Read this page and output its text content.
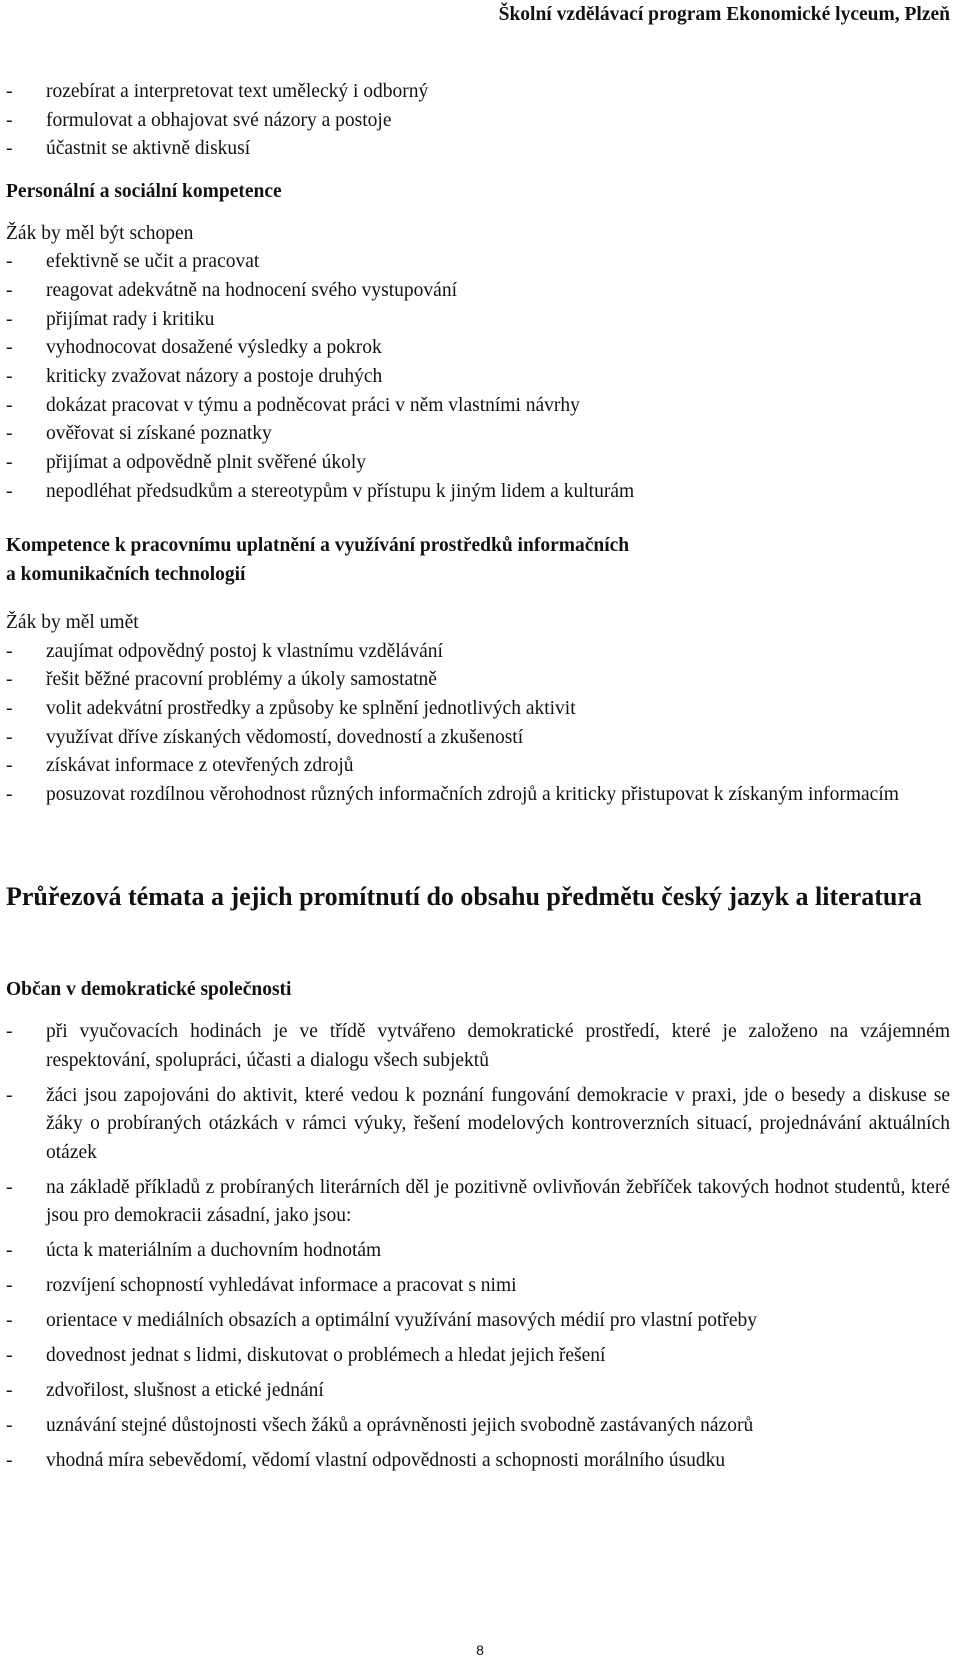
Školní vzdělávací program Ekonomické lyceum, Plzeň
- rozebírat a interpretovat text umělecký i odborný
- formulovat a obhajovat své názory a postoje
- účastnit se aktivně diskusí
Personální a sociální kompetence
Žák by měl být schopen
- efektivně se učit a pracovat
- reagovat adekvátně na hodnocení svého vystupování
- přijímat rady i kritiku
- vyhodnocovat dosažené výsledky a pokrok
- kriticky zvažovat názory a postoje druhých
- dokázat pracovat v týmu a podněcovat práci v něm vlastními návrhy
- ověřovat si získané poznatky
- přijímat a odpovědně plnit svěřené úkoly
- nepodléhat předsudkům a stereotypům v přístupu k jiným lidem a kulturám
Kompetence k pracovnímu uplatnění a využívání prostředků informačních
a komunikačních technologií
Žák by měl umět
- zaujímat odpovědný postoj k vlastnímu vzdělávání
- řešit běžné pracovní problémy a úkoly samostatně
- volit adekvátní prostředky a způsoby ke splnění jednotlivých aktivit
- využívat dříve získaných vědomostí, dovedností a zkušeností
- získávat informace z otevřených zdrojů
- posuzovat rozdílnou věrohodnost různých informačních zdrojů a kriticky přistupovat k získaným informacím
Průřezová témata a jejich promítnutí do obsahu předmětu český jazyk a literatura
Občan v demokratické společnosti
- při vyučovacích hodinách je ve třídě vytvářeno demokratické prostředí, které je založeno na vzájemném respektování, spolupráci, účasti a dialogu všech subjektů
- žáci jsou zapojováni do aktivit, které vedou k poznání fungování demokracie v praxi, jde o besedy a diskuse se žáky o probíraných otázkách v rámci výuky, řešení modelových kontroverzních situací, projednávání aktuálních otázek
- na základě příkladů z probíraných literárních děl je pozitivně ovlivňován žebříček takových hodnot studentů, které jsou pro demokracii zásadní, jako jsou:
- úcta k materiálním a duchovním hodnotám
- rozvíjení schopností vyhledávat informace a pracovat s nimi
- orientace v mediálních obsazích a optimální využívání masových médií pro vlastní potřeby
- dovednost jednat s lidmi, diskutovat o problémech a hledat jejich řešení
- zdvořilost, slušnost a etické jednání
- uznávání stejné důstojnosti všech žáků a oprávněnosti jejich svobodně zastávaných názorů
- vhodná míra sebevědomí, vědomí vlastní odpovědnosti a schopnosti morálního úsudku
8
